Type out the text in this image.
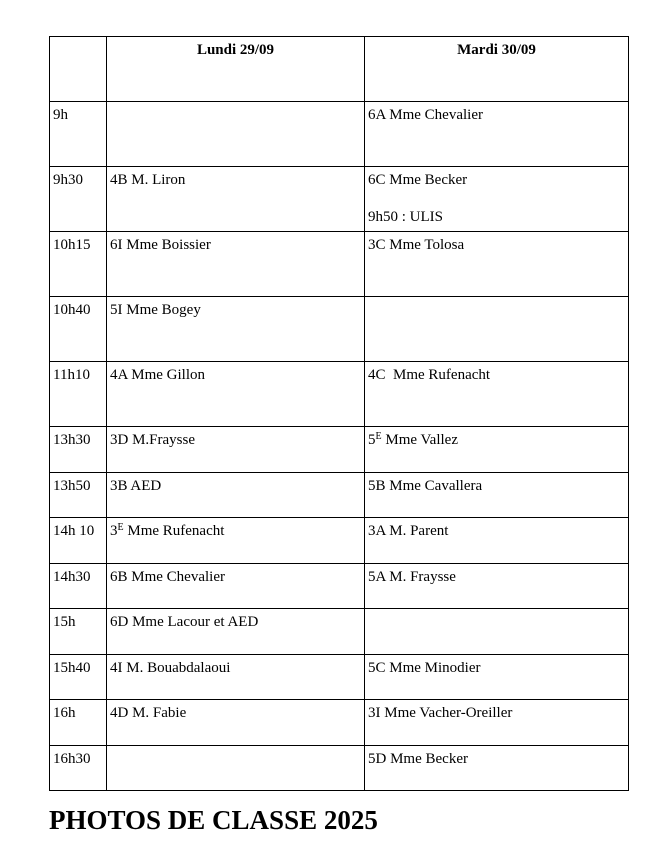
	Lundi 29/09	Mardi 30/09
9h		6A Mme Chevalier
9h30	4B M. Liron	6C Mme Becker
9h50 : ULIS

10h15	6I Mme Boissier	3C Mme Tolosa
10h40	5I Mme Bogey	
11h10	4A Mme Gillon	4C  Mme Rufenacht
13h30	3D M.Fraysse	$5^E$ Mme Vallez
13h50	3B AED	5B Mme Cavallera
14h 10	$3^E$ Mme Rufenacht	3A M. Parent
14h30	6B Mme Chevalier	5A M. Fraysse
15h	6D Mme Lacour et AED	
15h40	4I M. Bouabdalaoui	5C Mme Minodier
16h	4D M. Fabie	3I Mme Vacher-Oreiller
16h30		5D Mme Becker
PHOTOS DE CLASSE 2025
